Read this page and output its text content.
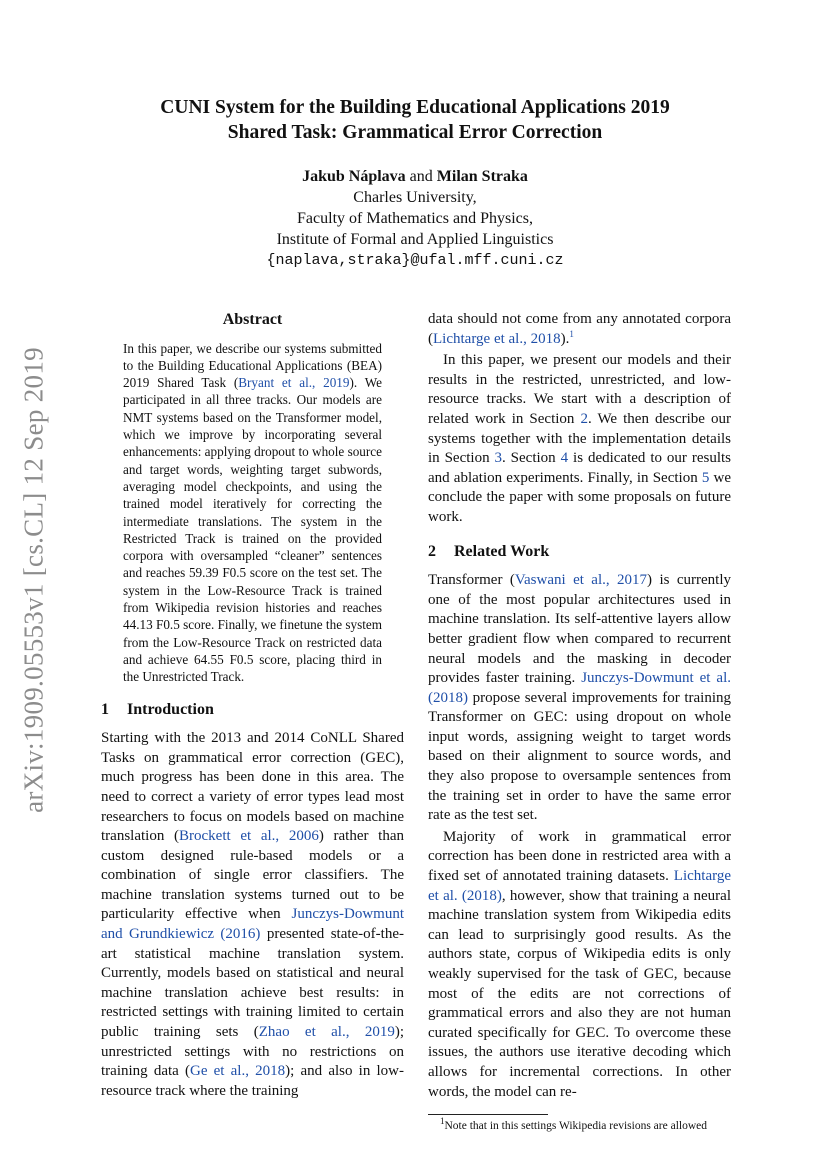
arXiv:1909.05553v1 [cs.CL] 12 Sep 2019
CUNI System for the Building Educational Applications 2019
Shared Task: Grammatical Error Correction
Jakub Náplava and Milan Straka
Charles University,
Faculty of Mathematics and Physics,
Institute of Formal and Applied Linguistics
{naplava,straka}@ufal.mff.cuni.cz
Abstract
In this paper, we describe our systems submitted to the Building Educational Applications (BEA) 2019 Shared Task (Bryant et al., 2019). We participated in all three tracks. Our models are NMT systems based on the Transformer model, which we improve by incorporating several enhancements: applying dropout to whole source and target words, weighting target subwords, averaging model checkpoints, and using the trained model iteratively for correcting the intermediate translations. The system in the Restricted Track is trained on the provided corpora with oversampled “cleaner” sentences and reaches 59.39 F0.5 score on the test set. The system in the Low-Resource Track is trained from Wikipedia revision histories and reaches 44.13 F0.5 score. Finally, we finetune the system from the Low-Resource Track on restricted data and achieve 64.55 F0.5 score, placing third in the Unrestricted Track.
1 Introduction

Starting with the 2013 and 2014 CoNLL Shared Tasks on grammatical error correction (GEC), much progress has been done in this area. The need to correct a variety of error types lead most researchers to focus on models based on machine translation (Brockett et al., 2006) rather than custom designed rule-based models or a combination of single error classifiers. The machine translation systems turned out to be particularity effective when Junczys-Dowmunt and Grundkiewicz (2016) presented state-of-the-art statistical machine translation system. Currently, models based on statistical and neural machine translation achieve best results: in restricted settings with training limited to certain public training sets (Zhao et al., 2019); unrestricted settings with no restrictions on training data (Ge et al., 2018); and also in low-resource track where the training

data should not come from any annotated corpora (Lichtarge et al., 2018).$^1$

In this paper, we present our models and their results in the restricted, unrestricted, and low-resource tracks. We start with a description of related work in Section 2. We then describe our systems together with the implementation details in Section 3. Section 4 is dedicated to our results and ablation experiments. Finally, in Section 5 we conclude the paper with some proposals on future work.

2 Related Work

Transformer (Vaswani et al., 2017) is currently one of the most popular architectures used in machine translation. Its self-attentive layers allow better gradient flow when compared to recurrent neural models and the masking in decoder provides faster training. Junczys-Dowmunt et al. (2018) propose several improvements for training Transformer on GEC: using dropout on whole input words, assigning weight to target words based on their alignment to source words, and they also propose to oversample sentences from the training set in order to have the same error rate as the test set.

Majority of work in grammatical error correction has been done in restricted area with a fixed set of annotated training datasets. Lichtarge et al. (2018), however, show that training a neural machine translation system from Wikipedia edits can lead to surprisingly good results. As the authors state, corpus of Wikipedia edits is only weakly supervised for the task of GEC, because most of the edits are not corrections of grammatical errors and also they are not human curated specifically for GEC. To overcome these issues, the authors use iterative decoding which allows for incremental corrections. In other words, the model can re-

$^1$Note that in this settings Wikipedia revisions are allowed
